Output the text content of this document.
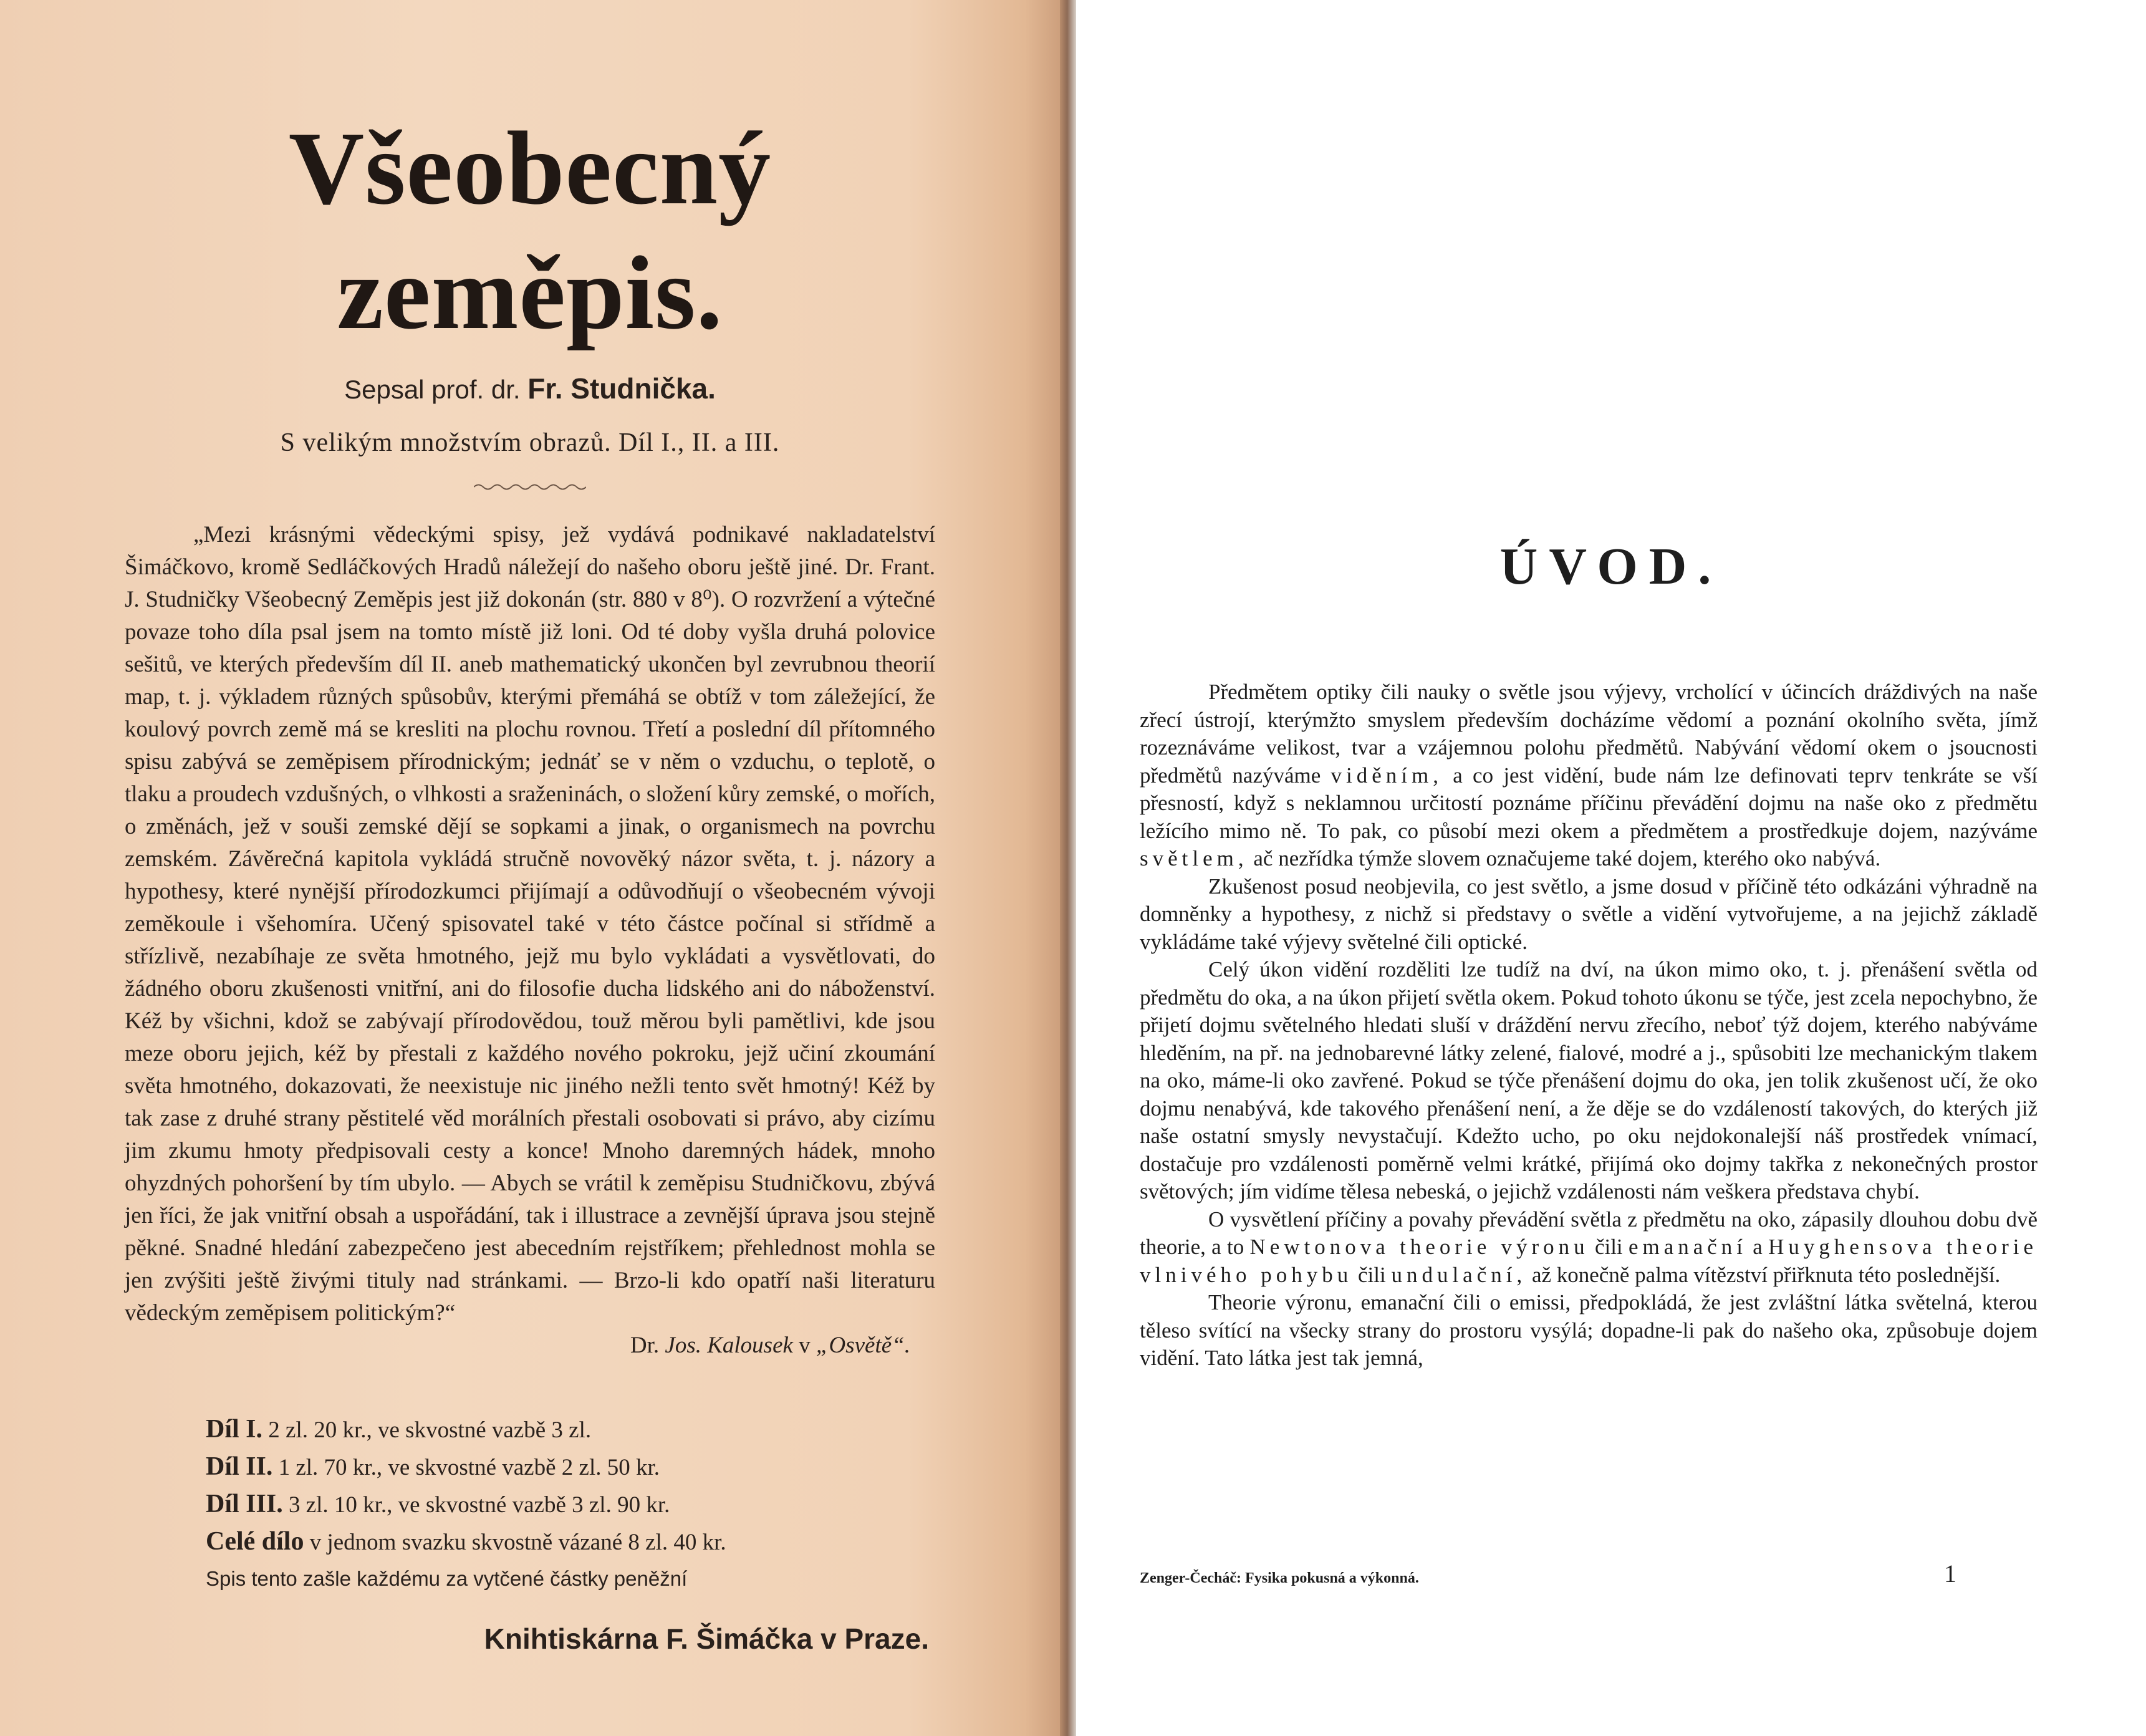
Všeobecný zeměpis.
Sepsal prof. dr. Fr. Studnička.
S velikým množstvím obrazů. Díl I., II. a III.

„Mezi krásnými vědeckými spisy, jež vydává podnikavé nakladatelství Šimáčkovo, kromě Sedláčkových Hradů náležejí do našeho oboru ještě jiné. Dr. Frant. J. Studničky Všeobecný Zeměpis jest již dokonán (str. 880 v 8⁰). O rozvržení a výtečné povaze toho díla psal jsem na tomto místě již loni. Od té doby vyšla druhá polovice sešitů, ve kterých především díl II. aneb mathematický ukončen byl zevrubnou theorií map, t. j. výkladem různých spůsobův, kterými přemáhá se obtíž v tom záležející, že koulový povrch země má se kresliti na plochu rovnou. Třetí a poslední díl přítomného spisu zabývá se zeměpisem přírodnickým; jednáť se v něm o vzduchu, o teplotě, o tlaku a proudech vzdušných, o vlhkosti a sraženinách, o složení kůry zemské, o mořích, o změnách, jež v souši zemské dějí se sopkami a jinak, o organismech na povrchu zemském. Závěrečná kapitola vykládá stručně novověký názor světa, t. j. názory a hypothesy, které nynější přírodozkumci přijímají a odůvodňují o všeobecném vývoji zeměkoule i všehomíra. Učený spisovatel také v této částce počínal si střídmě a střízlivě, nezabíhaje ze světa hmotného, jejž mu bylo vykládati a vysvětlovati, do žádného oboru zkušenosti vnitřní, ani do filosofie ducha lidského ani do náboženství. Kéž by všichni, kdož se zabývají přírodovědou, touž měrou byli pamětlivi, kde jsou meze oboru jejich, kéž by přestali z každého nového pokroku, jejž učiní zkoumání světa hmotného, dokazovati, že neexistuje nic jiného nežli tento svět hmotný! Kéž by tak zase z druhé strany pěstitelé věd morálních přestali osobovati si právo, aby cizímu jim zkumu hmoty předpisovali cesty a konce! Mnoho daremných hádek, mnoho ohyzdných pohoršení by tím ubylo. — Abych se vrátil k zeměpisu Studničkovu, zbývá jen říci, že jak vnitřní obsah a uspořádání, tak i illustrace a zevnější úprava jsou stejně pěkné. Snadné hledání zabezpečeno jest abecedním rejstříkem; přehlednost mohla se jen zvýšiti ještě živými tituly nad stránkami. — Brzo-li kdo opatří naši literaturu vědeckým zeměpisem politickým?“

Dr. Jos. Kalousek v „Osvětě“.
Díl I. 2 zl. 20 kr., ve skvostné vazbě 3 zl.
Díl II. 1 zl. 70 kr., ve skvostné vazbě 2 zl. 50 kr.
Díl III. 3 zl. 10 kr., ve skvostné vazbě 3 zl. 90 kr.
Celé dílo v jednom svazku skvostně vázané 8 zl. 40 kr.
Spis tento zašle každému za vytčené částky peněžní
Knihtiskárna F. Šimáčka v Praze.
ÚVOD.

Předmětem optiky čili nauky o světle jsou výjevy, vrcholící v účincích dráždivých na naše zřecí ústrojí, kterýmžto smyslem především docházíme vědomí a poznání okolního světa, jímž rozeznáváme velikost, tvar a vzájemnou polohu předmětů. Nabývání vědomí okem o jsoucnosti předmětů nazýváme viděním, a co jest vidění, bude nám lze definovati teprv tenkráte se vší přesností, když s neklamnou určitostí poznáme příčinu převádění dojmu na naše oko z předmětu ležícího mimo ně. To pak, co působí mezi okem a předmětem a prostředkuje dojem, nazýváme světlem, ač nezřídka týmže slovem označujeme také dojem, kterého oko nabývá.

Zkušenost posud neobjevila, co jest světlo, a jsme dosud v příčině této odkázáni výhradně na domněnky a hypothesy, z nichž si představy o světle a vidění vytvořujeme, a na jejichž základě vykládáme také výjevy světelné čili optické.

Celý úkon vidění rozděliti lze tudíž na dví, na úkon mimo oko, t. j. přenášení světla od předmětu do oka, a na úkon přijetí světla okem. Pokud tohoto úkonu se týče, jest zcela nepochybno, že přijetí dojmu světelného hledati sluší v dráždění nervu zřecího, neboť týž dojem, kterého nabýváme hleděním, na př. na jednobarevné látky zelené, fialové, modré a j., spůsobiti lze mechanickým tlakem na oko, máme-li oko zavřené. Pokud se týče přenášení dojmu do oka, jen tolik zkušenost učí, že oko dojmu nenabývá, kde takového přenášení není, a že děje se do vzdáleností takových, do kterých již naše ostatní smysly nevystačují. Kdežto ucho, po oku nejdokonalejší náš prostředek vnímací, dostačuje pro vzdálenosti poměrně velmi krátké, přijímá oko dojmy takřka z nekonečných prostor světových; jím vidíme tělesa nebeská, o jejichž vzdálenosti nám veškera představa chybí.

O vysvětlení příčiny a povahy převádění světla z předmětu na oko, zápasily dlouhou dobu dvě theorie, a to Newtonova theorie výronu čili emanační a Huyghensova theorie vlnivého pohybu čili undulační, až konečně palma vítězství přiřknuta této poslednější.

Theorie výronu, emanační čili o emissi, předpokládá, že jest zvláštní látka světelná, kterou těleso svítící na všecky strany do prostoru vysýlá; dopadne-li pak do našeho oka, způsobuje dojem vidění. Tato látka jest tak jemná,

Zenger-Čecháč: Fysika pokusná a výkonná.	1
